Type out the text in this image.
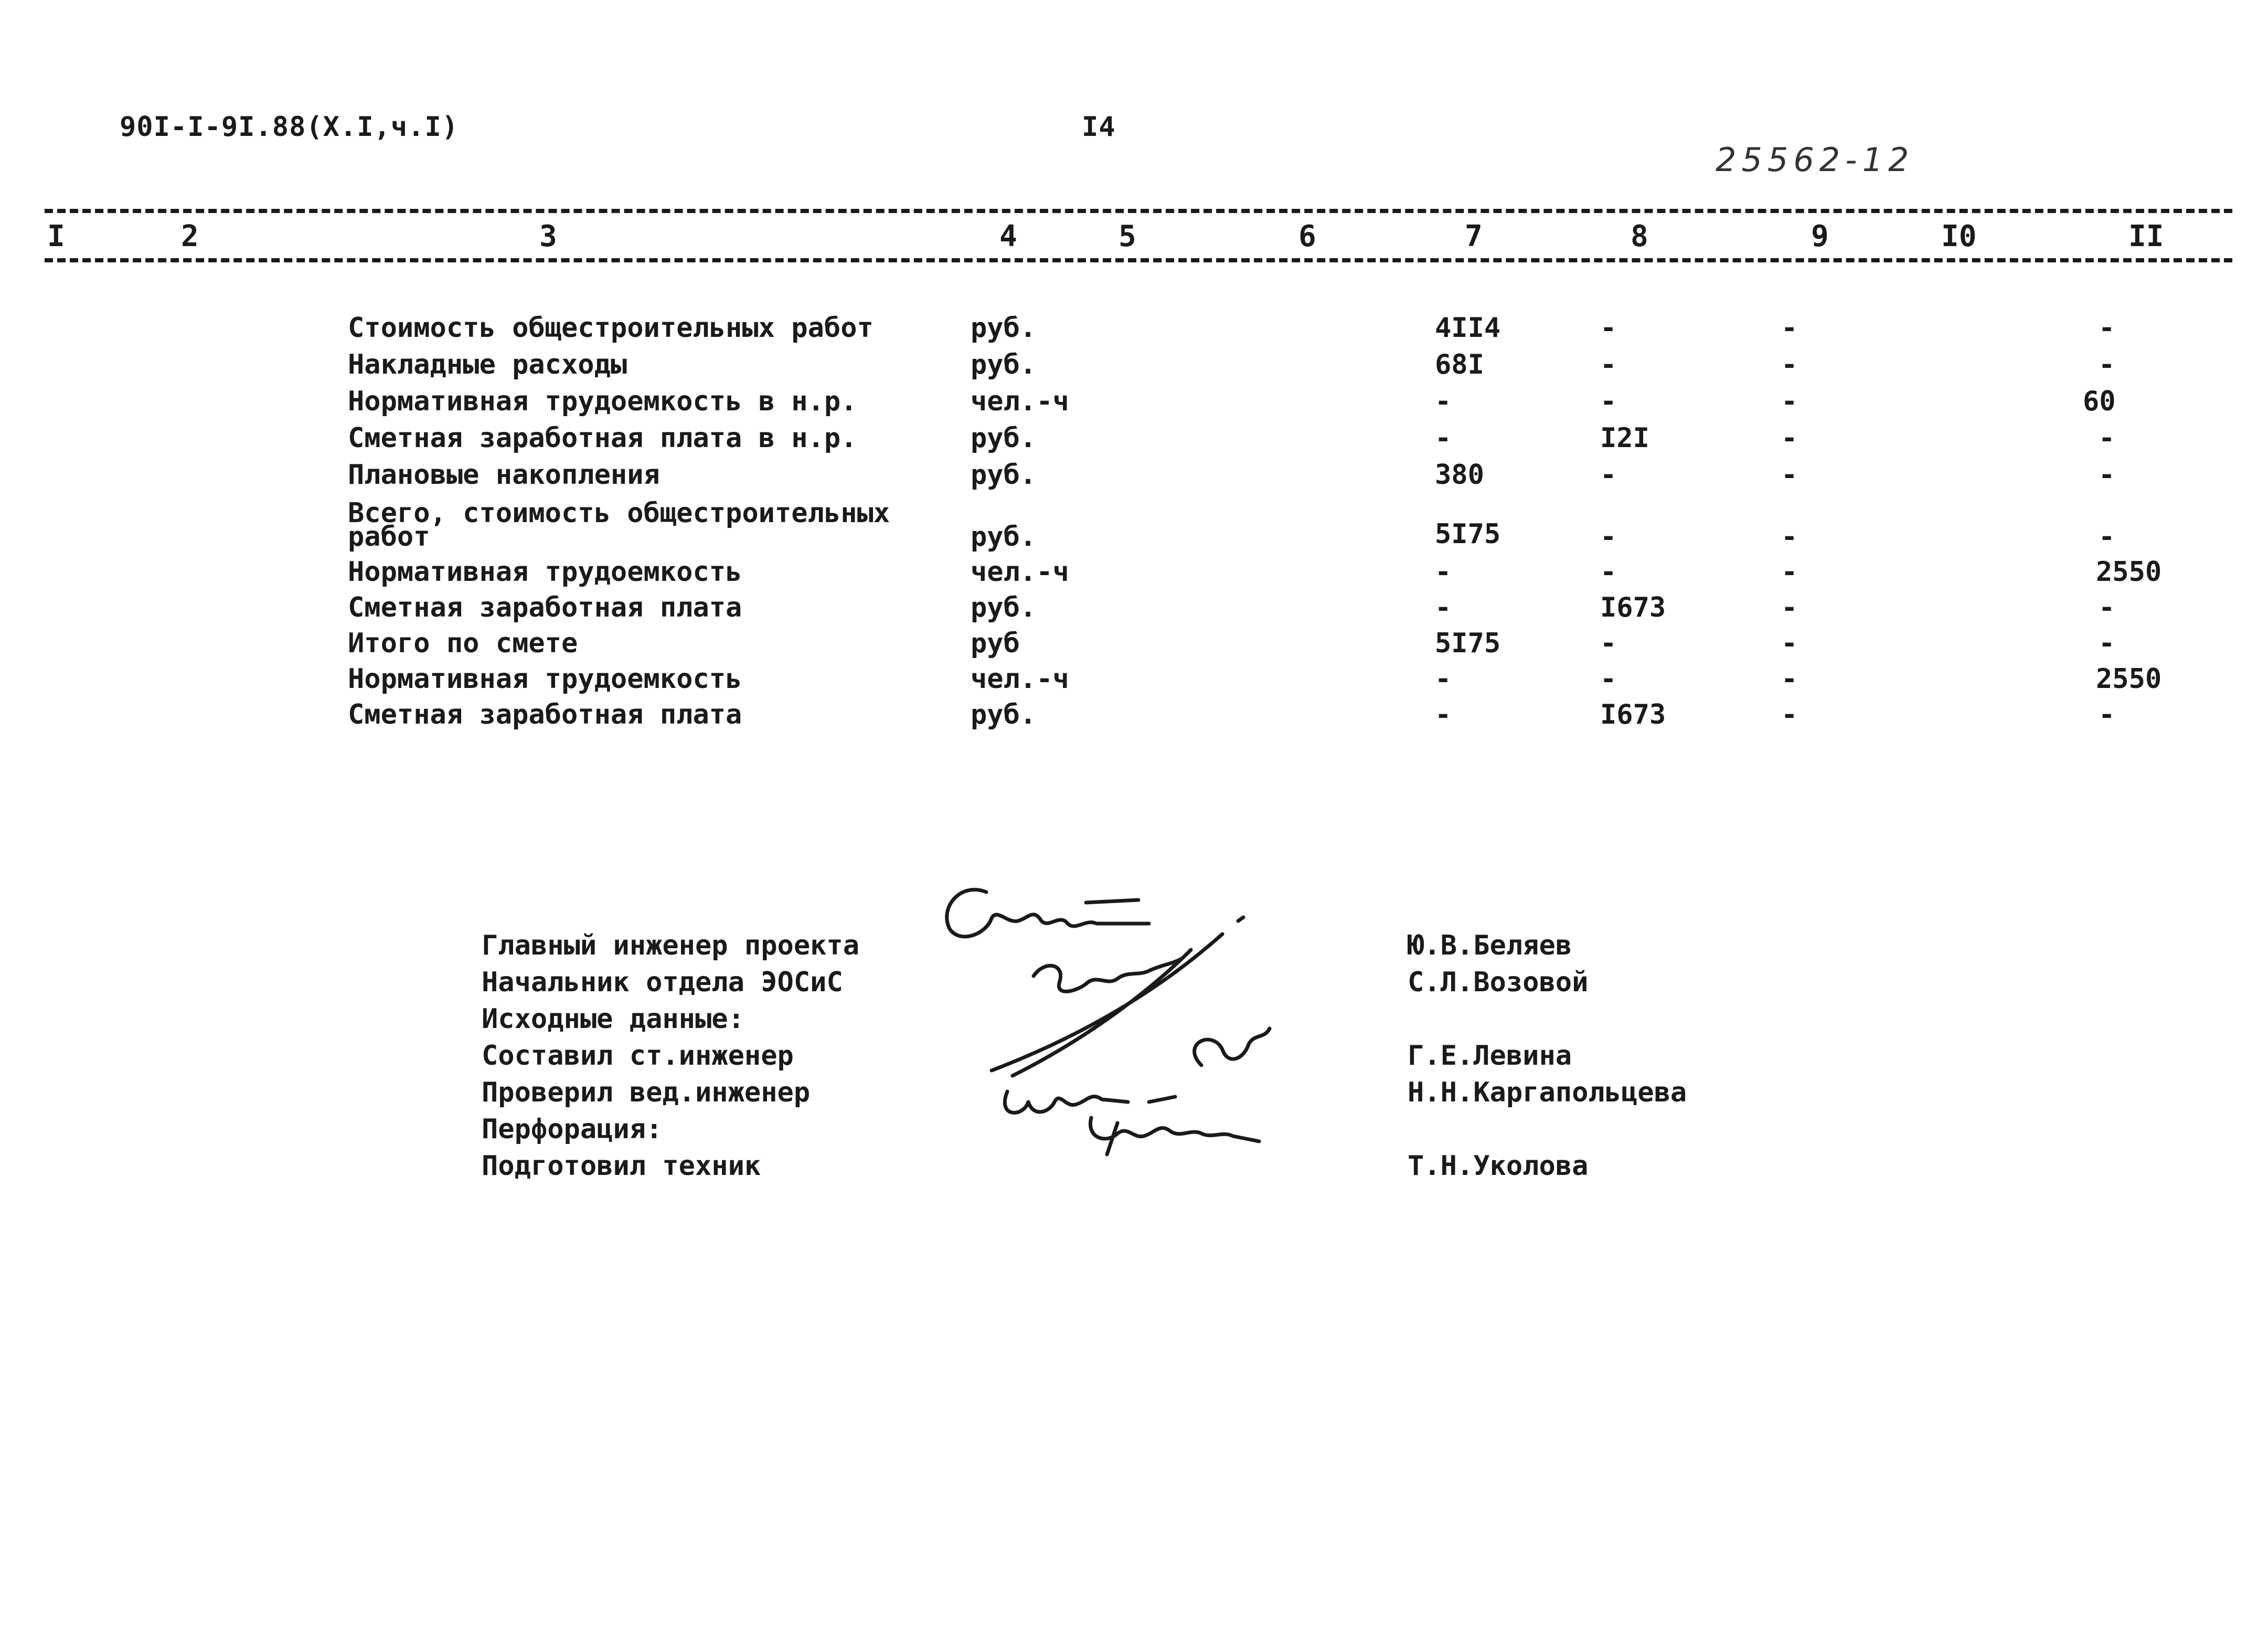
90I-I-9I.88(X.I,ч.I)	I4
25562-12
I	2	3	4	5	6	7	8	9	I0	II
Стоимость общестроительных работ	руб.	4II4	-	-	-
Накладные расходы	руб.	68I	-	-	-
Нормативная трудоемкость в н.р.	чел.-ч	-	-	-	60
Сметная заработная плата в н.р.	руб.	-	I2I	-	-
Плановые накопления	руб.	380	-	-	-
Всего, стоимость общестроительных
работ	руб.	5I75	-	-	-
Нормативная трудоемкость	чел.-ч	-	-	-	2550
Сметная заработная плата	руб.	-	I673	-	-
Итого по смете	руб	5I75	-	-	-
Нормативная трудоемкость	чел.-ч	-	-	-	2550
Сметная заработная плата	руб.	-	I673	-	-
Главный инженер проекта	Ю.В.Беляев
Начальник отдела ЭОСиС	С.Л.Возовой
Исходные данные:
Составил ст.инженер	Г.Е.Левина
Проверил вед.инженер	Н.Н.Каргапольцева
Перфорация:
Подготовил техник	Т.Н.Уколова
